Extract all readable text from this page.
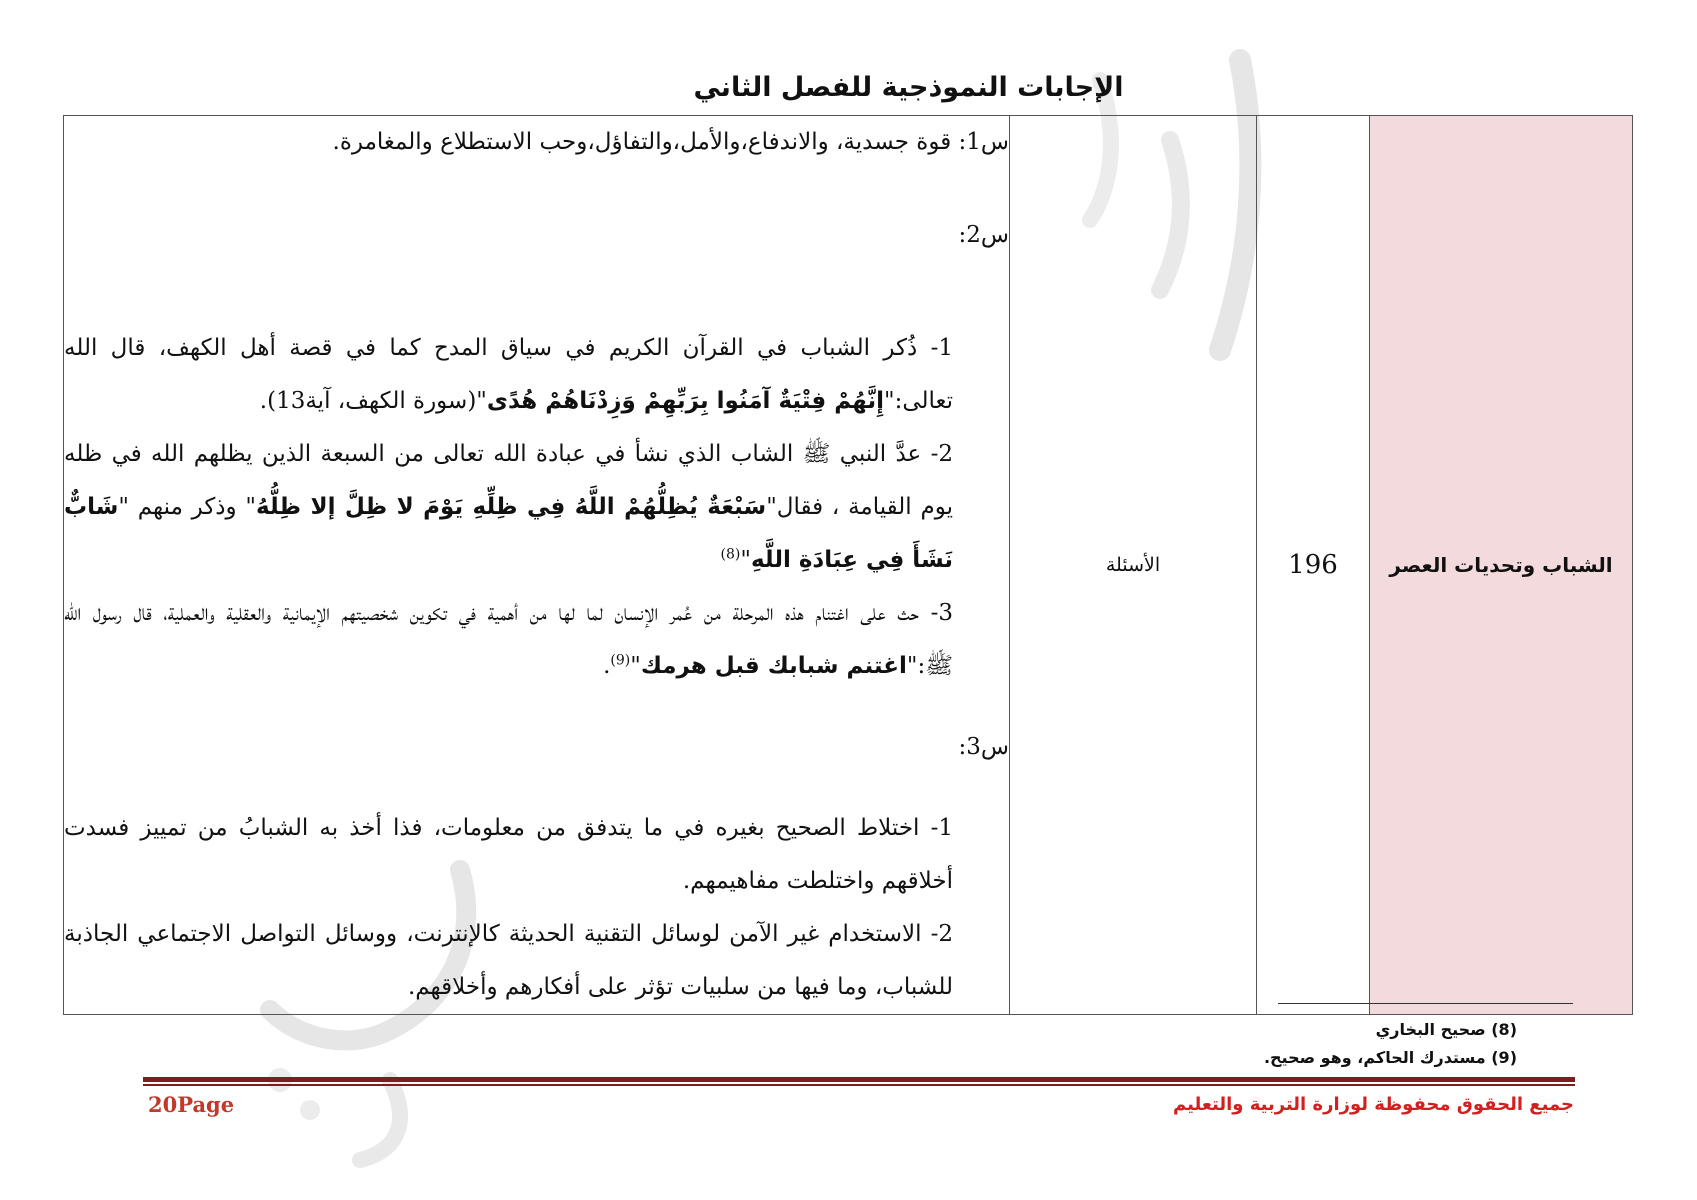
الإجابات النموذجية للفصل الثاني
الشباب وتحديات العصر	196	الأسئلة	

س1: قوة جسدية، والاندفاع،والأمل،والتفاؤل،وحب الاستطلاع والمغامرة.

س2:

1- ذُكر الشباب في القرآن الكريم في سياق المدح كما في قصة أهل الكهف، قال الله تعالى:"إِنَّهُمْ فِتْيَةٌ آمَنُوا بِرَبِّهِمْ وَزِدْنَاهُمْ هُدًى"(سورة الكهف، آية13).

2- عدَّ النبي ﷺ الشاب الذي نشأ في عبادة الله تعالى من السبعة الذين يظلهم الله في ظله يوم القيامة ، فقال"سَبْعَةٌ يُظِلُّهُمْ اللَّهُ فِي ظِلِّهِ يَوْمَ لا ظِلَّ إلا ظِلُّهُ" وذكر منهم "شَابٌّ نَشَأَ فِي عِبَادَةِ اللَّهِ"$^{(8)}$

3- حث على اغتنام هذه المرحلة من عُمر الإنسان لما لها من أهمية في تكوين شخصيتهم الإيمانية والعقلية والعملية، قال رسول الله ﷺ:"اغتنم شبابك قبل هرمك"$^{(9)}$.

س3:

1- اختلاط الصحيح بغيره في ما يتدفق من معلومات، فذا أخذ به الشبابُ من تمييز فسدت أخلاقهم واختلطت مفاهيمهم.

2- الاستخدام غير الآمن لوسائل التقنية الحديثة كالإنترنت، ووسائل التواصل الاجتماعي الجاذبة للشباب، وما فيها من سلبيات تؤثر على أفكارهم وأخلاقهم.

(8) صحيح البخاري
(9) مستدرك الحاكم، وهو صحيح.
20Page	جميع الحقوق محفوظة لوزارة التربية والتعليم
